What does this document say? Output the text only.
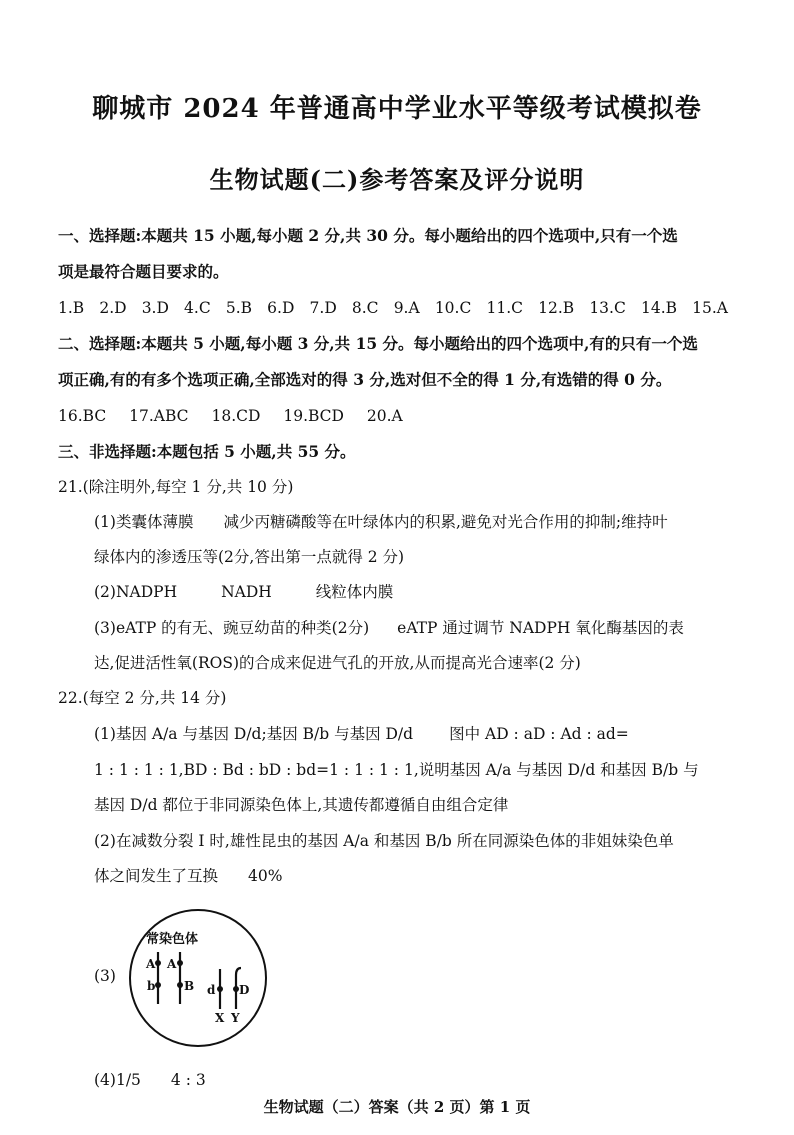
聊城市 2024 年普通高中学业水平等级考试模拟卷
生物试题(二)参考答案及评分说明
一、选择题:本题共 15 小题,每小题 2 分,共 30 分。每小题给出的四个选项中,只有一个选
项是最符合题目要求的。
1.B 2.D 3.D 4.C 5.B 6.D 7.D 8.C 9.A 10.C 11.C 12.B 13.C 14.B 15.A
二、选择题:本题共 5 小题,每小题 3 分,共 15 分。每小题给出的四个选项中,有的只有一个选
项正确,有的有多个选项正确,全部选对的得 3 分,选对但不全的得 1 分,有选错的得 0 分。
16.BC 17.ABC 18.CD 19.BCD 20.A
三、非选择题:本题包括 5 小题,共 55 分。
21.(除注明外,每空 1 分,共 10 分)
(1)类囊体薄膜 减少丙糖磷酸等在叶绿体内的积累,避免对光合作用的抑制;维持叶
绿体内的渗透压等(2分,答出第一点就得 2 分)
(2)NADPH	NADH	线粒体内膜
(3)eATP 的有无、豌豆幼苗的种类(2分) eATP 通过调节 NADPH 氧化酶基因的表
达,促进活性氧(ROS)的合成来促进气孔的开放,从而提高光合速率(2 分)
22.(每空 2 分,共 14 分)
(1)基因 A/a 与基因 D/d;基因 B/b 与基因 D/d 图中 AD : aD : Ad : ad=
1 : 1 : 1 : 1,BD : Bd : bD : bd=1 : 1 : 1 : 1,说明基因 A/a 与基因 D/d 和基因 B/b 与
基因 D/d 都位于非同源染色体上,其遗传都遵循自由组合定律
(2)在减数分裂 I 时,雄性昆虫的基因 A/a 和基因 B/b 所在同源染色体的非姐妹染色单
体之间发生了互换 40%
(3)
常染色体
A
b
A
B d
X
D
Y
(4)1/5 4 : 3
生物试题（二）答案（共 2 页）第 1 页
